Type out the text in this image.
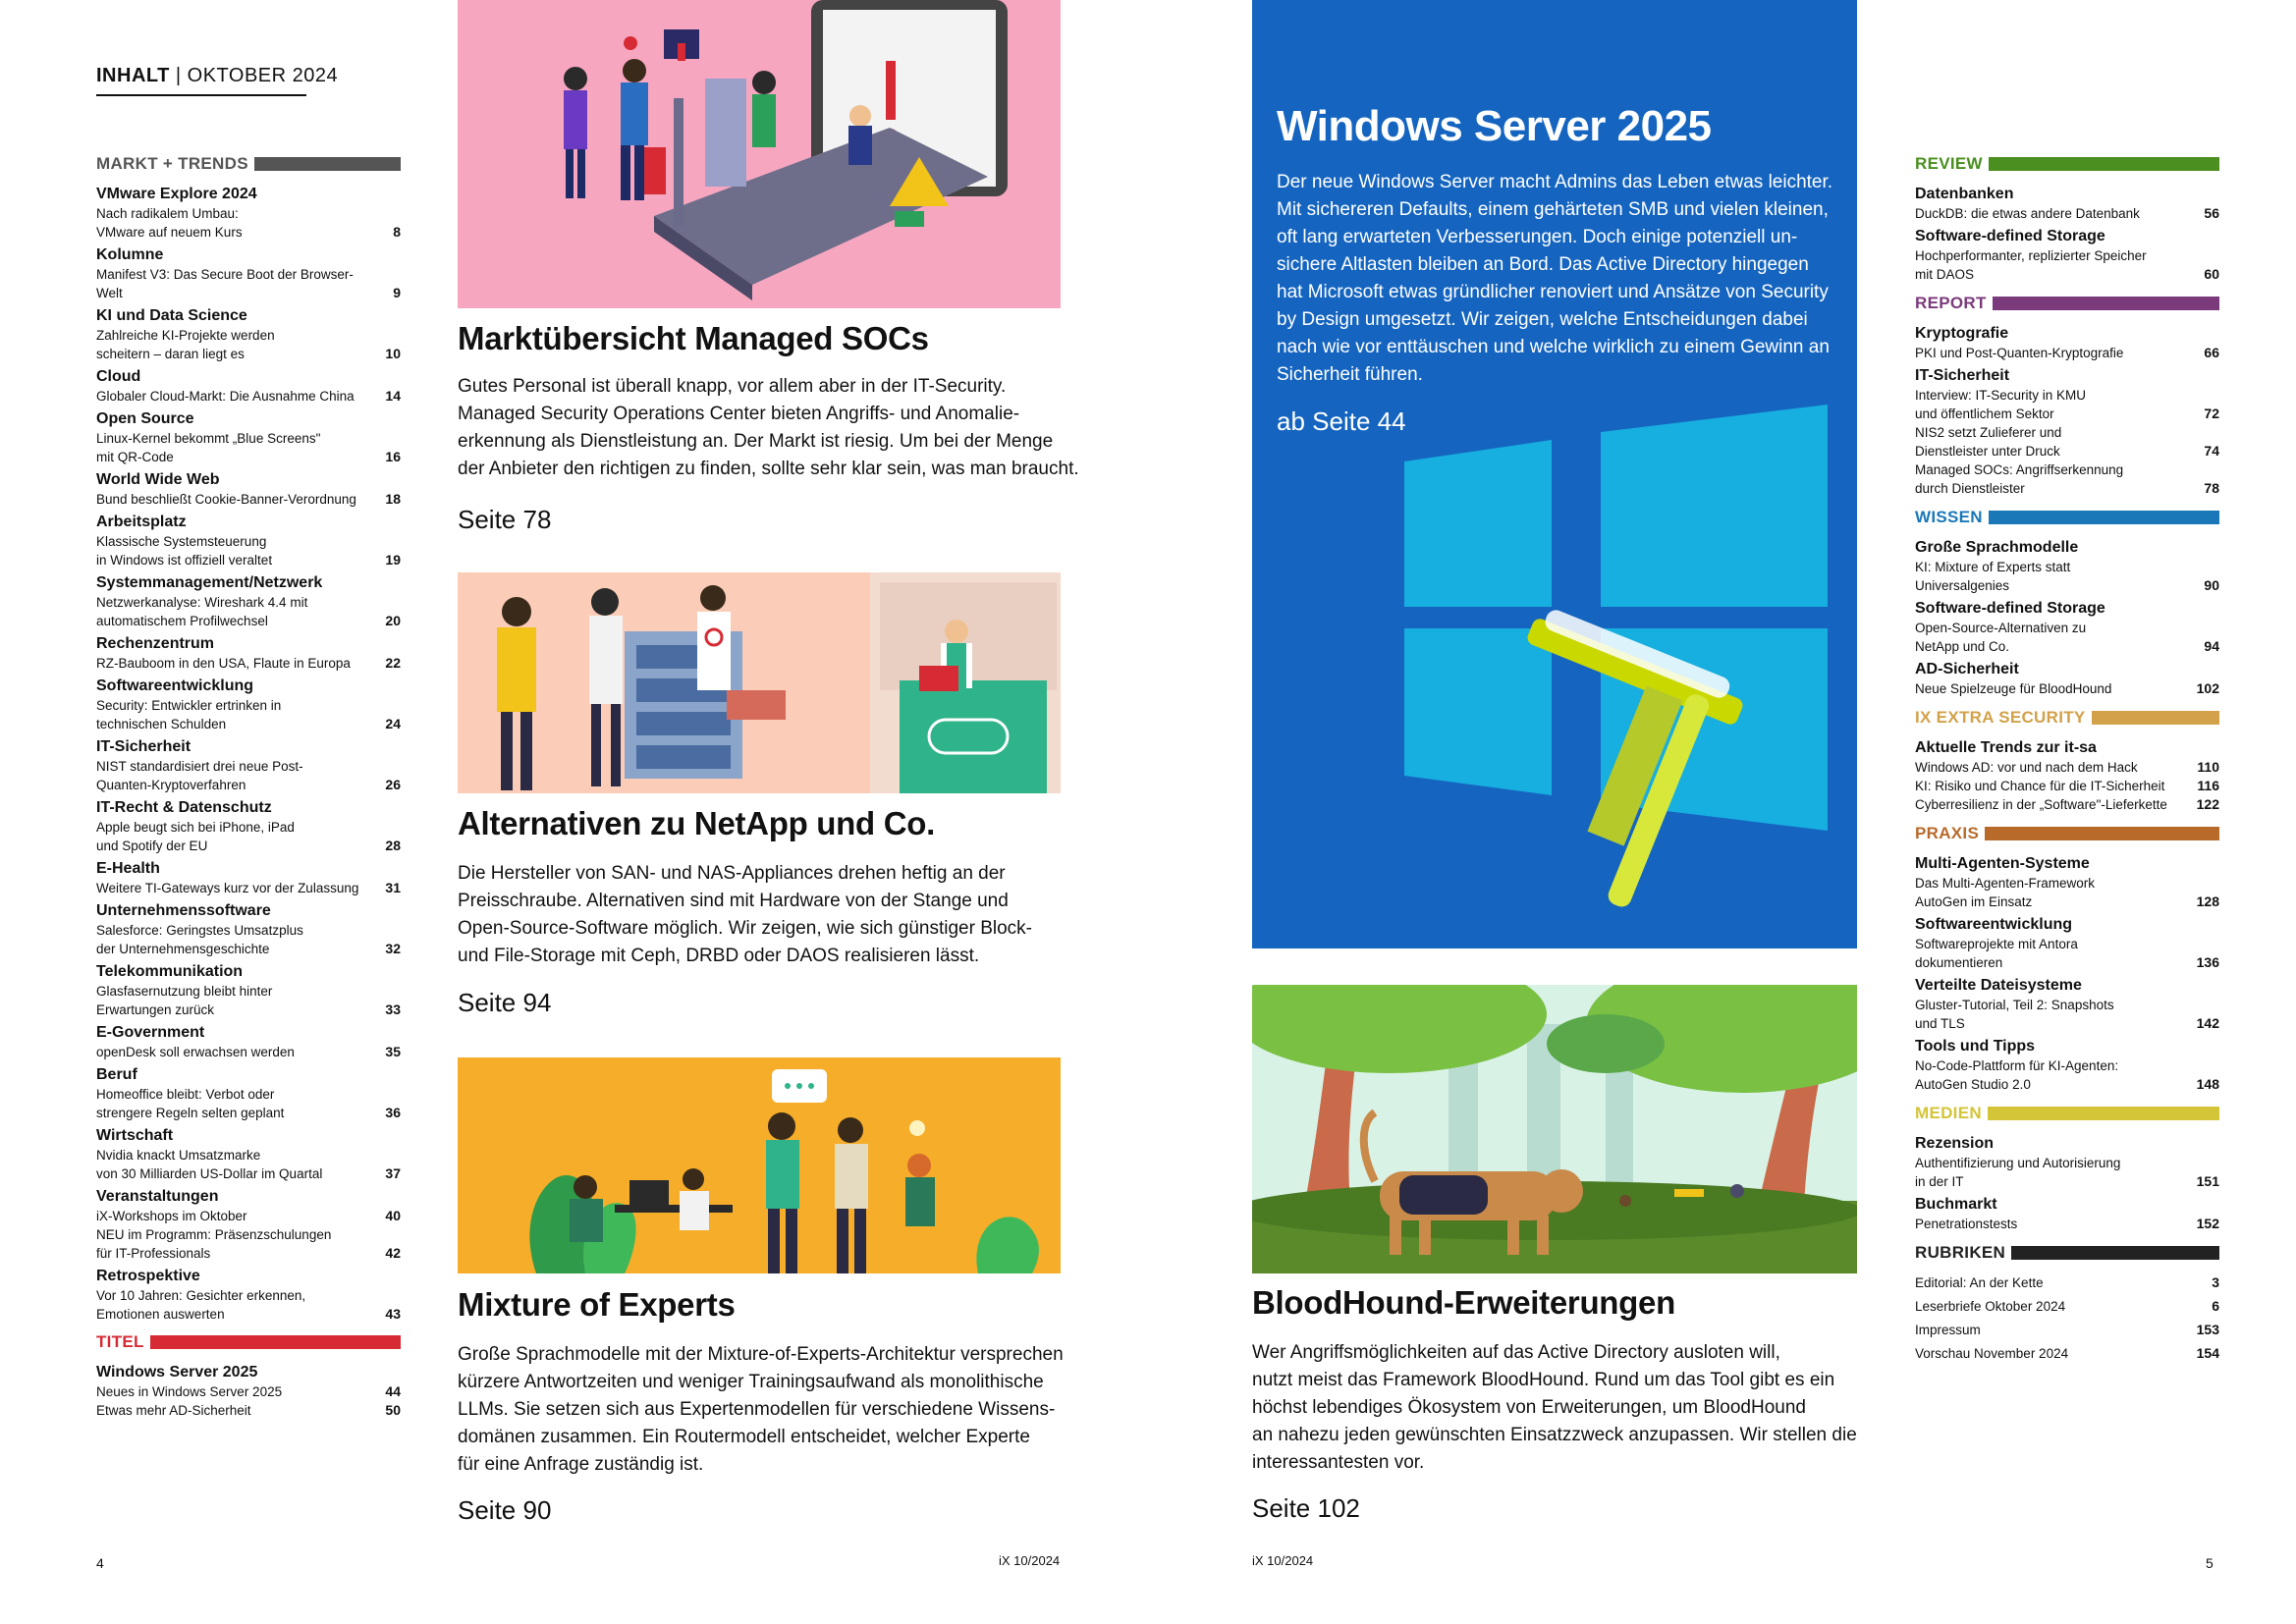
INHALT | OKTOBER 2024
MARKT + TRENDS
VMware Explore 2024
Nach radikalem Umbau:
VMware auf neuem Kurs	8
Kolumne
Manifest V3: Das Secure Boot der Browser-Welt	9
KI und Data Science
Zahlreiche KI-Projekte werden
scheitern – daran liegt es	10
Cloud
Globaler Cloud-Markt: Die Ausnahme China	14
Open Source
Linux-Kernel bekommt „Blue Screens"
mit QR-Code	16
World Wide Web
Bund beschließt Cookie-Banner-Verordnung	18
Arbeitsplatz
Klassische Systemsteuerung
in Windows ist offiziell veraltet	19
Systemmanagement/Netzwerk
Netzwerkanalyse: Wireshark 4.4 mit
automatischem Profilwechsel	20
Rechenzentrum
RZ-Bauboom in den USA, Flaute in Europa	22
Softwareentwicklung
Security: Entwickler ertrinken in
technischen Schulden	24
IT-Sicherheit
NIST standardisiert drei neue Post-
Quanten-Kryptoverfahren	26
IT-Recht & Datenschutz
Apple beugt sich bei iPhone, iPad
und Spotify der EU	28
E-Health
Weitere TI-Gateways kurz vor der Zulassung	31
Unternehmenssoftware
Salesforce: Geringstes Umsatzplus
der Unternehmensgeschichte	32
Telekommunikation
Glasfasernutzung bleibt hinter
Erwartungen zurück	33
E-Government
openDesk soll erwachsen werden	35
Beruf
Homeoffice bleibt: Verbot oder
strengere Regeln selten geplant	36
Wirtschaft
Nvidia knackt Umsatzmarke
von 30 Milliarden US-Dollar im Quartal	37
Veranstaltungen
iX-Workshops im Oktober	40
NEU im Programm: Präsenzschulungen
für IT-Professionals	42
Retrospektive
Vor 10 Jahren: Gesichter erkennen,
Emotionen auswerten	43
TITEL
Windows Server 2025
Neues in Windows Server 2025	44
Etwas mehr AD-Sicherheit	50
Marktübersicht Managed SOCs
Gutes Personal ist überall knapp, vor allem aber in der IT-Security.
Managed Security Operations Center bieten Angriffs- und Anomalie-
erkennung als Dienstleistung an. Der Markt ist riesig. Um bei der Menge
der Anbieter den richtigen zu finden, sollte sehr klar sein, was man braucht.
Seite 78
Alternativen zu NetApp und Co.
Die Hersteller von SAN- und NAS-Appliances drehen heftig an der
Preisschraube. Alternativen sind mit Hardware von der Stange und
Open-Source-Software möglich. Wir zeigen, wie sich günstiger Block-
und File-Storage mit Ceph, DRBD oder DAOS realisieren lässt.
Seite 94
Mixture of Experts
Große Sprachmodelle mit der Mixture-of-Experts-Architektur versprechen
kürzere Antwortzeiten und weniger Trainingsaufwand als monolithische
LLMs. Sie setzen sich aus Expertenmodellen für verschiedene Wissens-
domänen zusammen. Ein Routermodell entscheidet, welcher Experte
für eine Anfrage zuständig ist.
Seite 90
4	iX 10/2024
Windows Server 2025
Der neue Windows Server macht Admins das Leben etwas leichter.
Mit sichereren Defaults, einem gehärteten SMB und vielen kleinen,
oft lang erwarteten Verbesserungen. Doch einige potenziell un-
sichere Altlasten bleiben an Bord. Das Active Directory hingegen
hat Microsoft etwas gründlicher renoviert und Ansätze von Security
by Design umgesetzt. Wir zeigen, welche Entscheidungen dabei
nach wie vor enttäuschen und welche wirklich zu einem Gewinn an
Sicherheit führen.
ab Seite 44
BloodHound-Erweiterungen
Wer Angriffsmöglichkeiten auf das Active Directory ausloten will,
nutzt meist das Framework BloodHound. Rund um das Tool gibt es ein
höchst lebendiges Ökosystem von Erweiterungen, um BloodHound
an nahezu jeden gewünschten Einsatzzweck anzupassen. Wir stellen die
interessantesten vor.
Seite 102
REVIEW
Datenbanken
DuckDB: die etwas andere Datenbank	56
Software-defined Storage
Hochperformanter, replizierter Speicher
mit DAOS	60
REPORT
Kryptografie
PKI und Post-Quanten-Kryptografie	66
IT-Sicherheit
Interview: IT-Security in KMU
und öffentlichem Sektor	72
NIS2 setzt Zulieferer und
Dienstleister unter Druck	74
Managed SOCs: Angriffserkennung
durch Dienstleister	78
WISSEN
Große Sprachmodelle
KI: Mixture of Experts statt
Universalgenies	90
Software-defined Storage
Open-Source-Alternativen zu
NetApp und Co.	94
AD-Sicherheit
Neue Spielzeuge für BloodHound	102
IX EXTRA SECURITY
Aktuelle Trends zur it-sa
Windows AD: vor und nach dem Hack	110
KI: Risiko und Chance für die IT-Sicherheit	116
Cyberresilienz in der „Software"-Lieferkette	122
PRAXIS
Multi-Agenten-Systeme
Das Multi-Agenten-Framework
AutoGen im Einsatz	128
Softwareentwicklung
Softwareprojekte mit Antora
dokumentieren	136
Verteilte Dateisysteme
Gluster-Tutorial, Teil 2: Snapshots
und TLS	142
Tools und Tipps
No-Code-Plattform für KI-Agenten:
AutoGen Studio 2.0	148
MEDIEN
Rezension
Authentifizierung und Autorisierung
in der IT	151
Buchmarkt
Penetrationstests	152
RUBRIKEN
Editorial: An der Kette	3
Leserbriefe Oktober 2024	6
Impressum	153
Vorschau November 2024	154
iX 10/2024	5
